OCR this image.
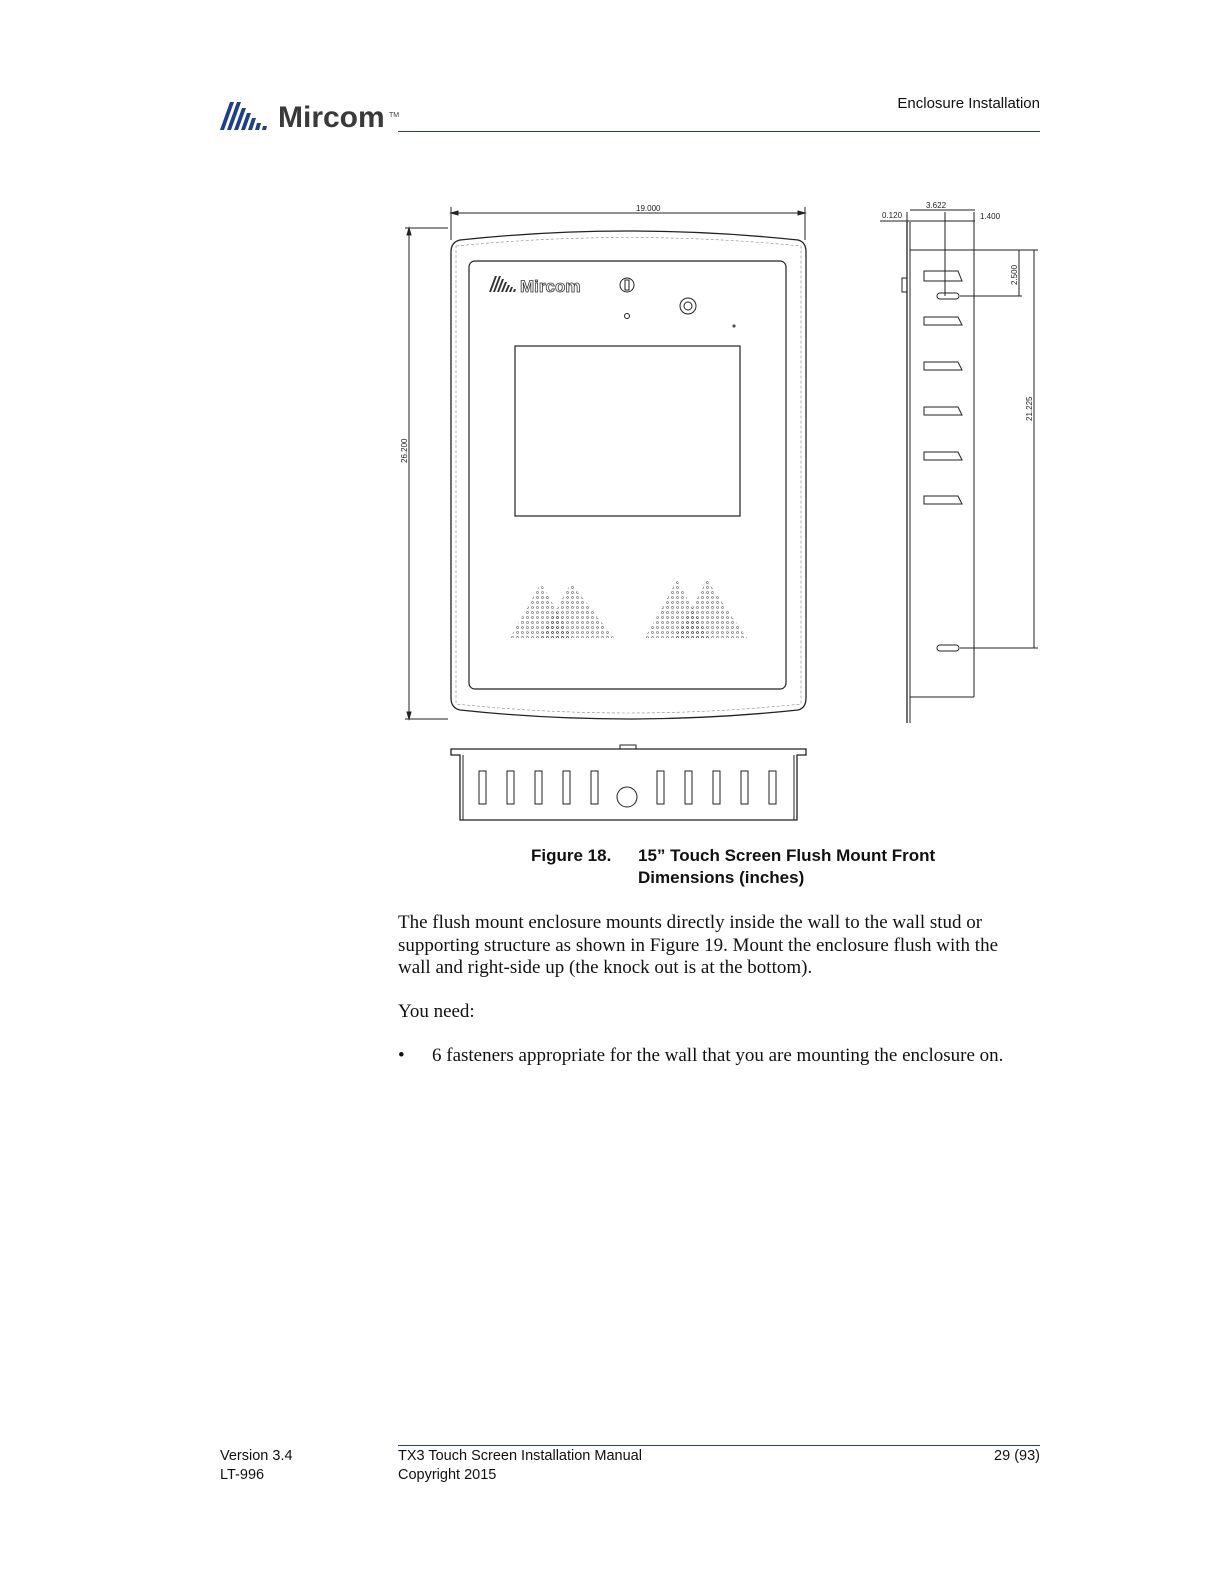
Mircom TM
Enclosure Installation
Mircom
19.000
26.200
0.120
3.622
1.400
2.500
21.225
Figure 18. 15” Touch Screen Flush Mount Front
Dimensions (inches)
The flush mount enclosure mounts directly inside the wall to the wall stud or
supporting structure as shown in Figure 19. Mount the enclosure flush with the
wall and right-side up (the knock out is at the bottom).
You need:
• 6 fasteners appropriate for the wall that you are mounting the enclosure on.
Version 3.4
LT-996
TX3 Touch Screen Installation Manual
Copyright 2015
29 (93)
